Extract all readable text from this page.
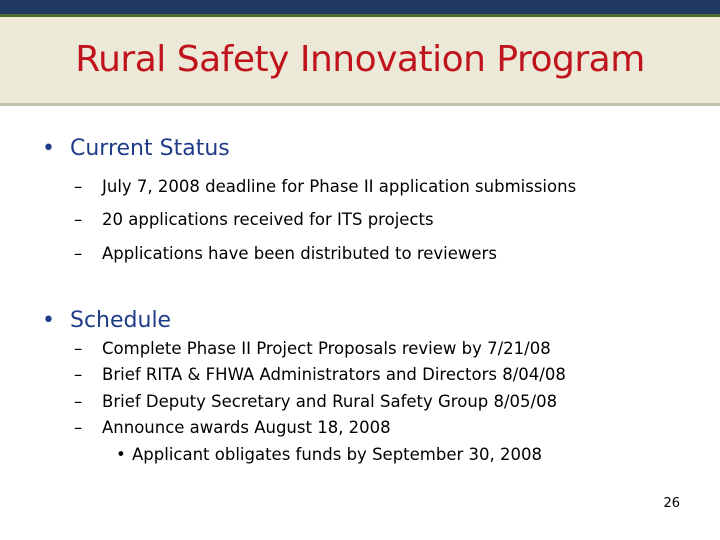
Rural Safety Innovation Program
• Current Status
– July 7, 2008 deadline for Phase II application submissions
– 20 applications received for ITS projects
– Applications have been distributed to reviewers
• Schedule
– Complete Phase II Project Proposals review by 7/21/08
– Brief RITA & FHWA Administrators and Directors 8/04/08
– Brief Deputy Secretary and Rural Safety Group 8/05/08
– Announce awards August 18, 2008
• Applicant obligates funds by September 30, 2008
26
